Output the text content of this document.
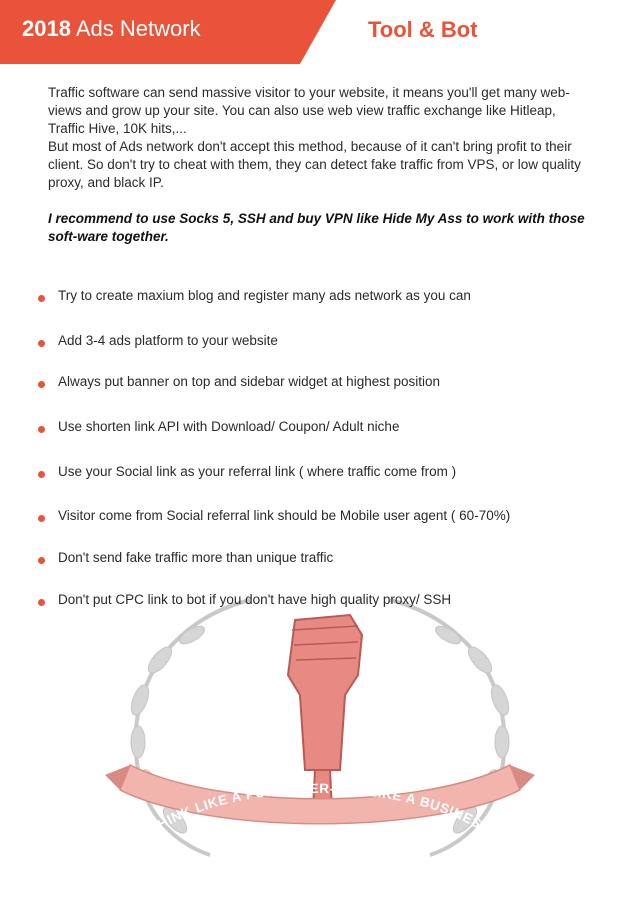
2018 Ads Network	Tool & Bot

Traffic software can send massive visitor to your website, it means you'll get many web-views and grow up your site. You can also use web view traffic exchange like Hitleap, Traffic Hive, 10K hits,...

But most of Ads network don't accept this method, because of it can't bring profit to their client. So don't try to cheat with them, they can detect fake traffic from VPS, or low quality proxy, and black IP.

I recommend to use Socks 5, SSH and buy VPN like Hide My Ass to work with those soft-ware together.

THINK LIKE A PUBLISHER-ACT LIKE A BUSINESS
Try to create maxium blog and register many ads network as you can
Add 3-4 ads platform to your website
Always put banner on top and sidebar widget at highest position
Use shorten link API with Download/ Coupon/ Adult niche
Use your Social link as your referral link ( where traffic come from )
Visitor come from Social referral link should be Mobile user agent ( 60-70%)
Don't send fake traffic more than unique traffic
Don't put CPC link to bot if you don't have high quality proxy/ SSH
